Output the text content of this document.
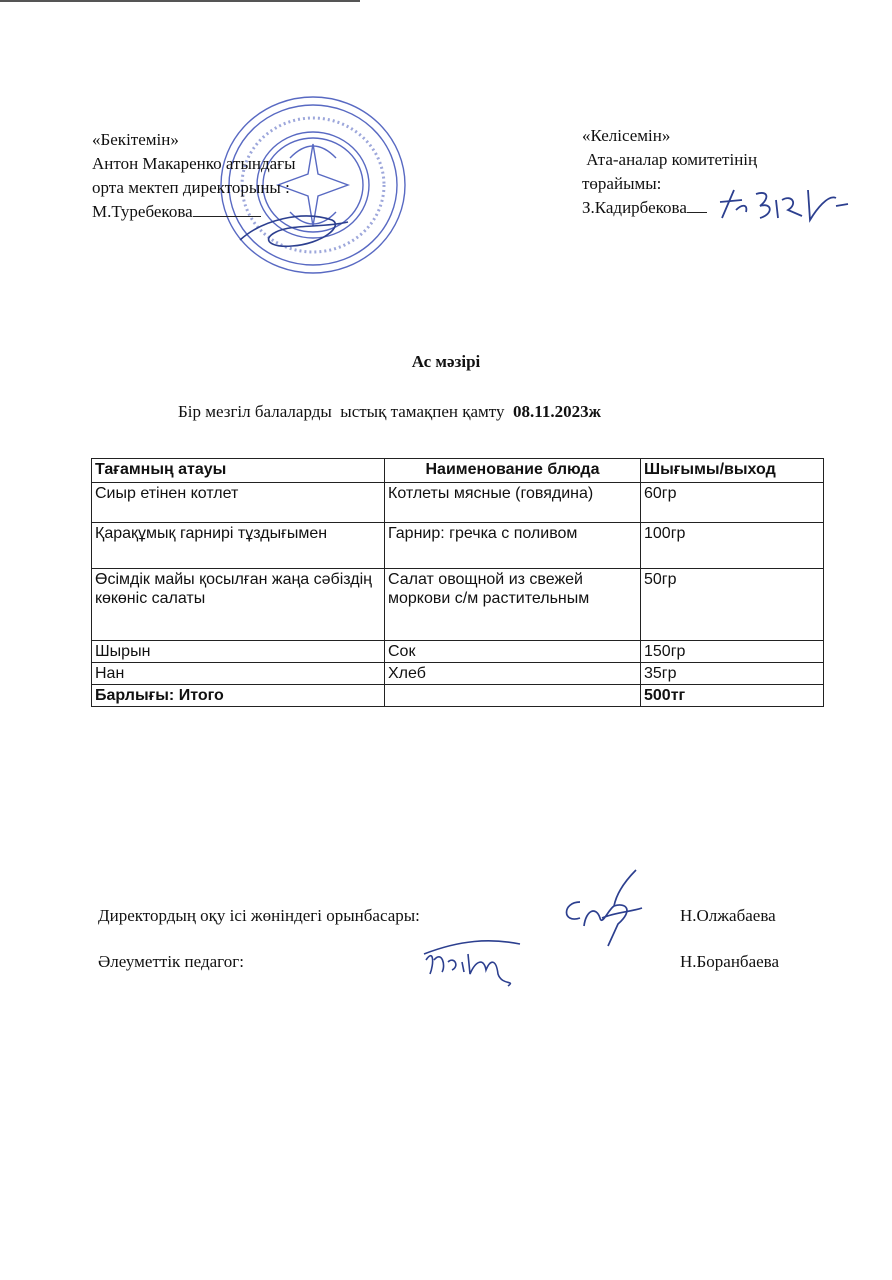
«Бекітемін»
Антон Макаренко атындағы
орта мектеп директорыны :
М.Туребекова
«Келісемін»
Ата-аналар комитетінің
төрайымы:
З.Кадирбекова
Ас мәзірі
Бір мезгіл балаларды  ыстық тамақпен қамту  08.11.2023ж
Тағамның атауы	Наименование блюда	Шығымы/выход
Сиыр етінен котлет	Котлеты мясные (говядина)	60гр
Қарақұмық гарнирі тұздығымен	Гарнир: гречка с поливом	100гр
Өсімдік майы қосылған жаңа сәбіздің көкөніс салаты	Салат овощной из свежей моркови с/м растительным	50гр
Шырын	Сок	150гр
Нан	Хлеб	35гр
Барлығы: Итого		500тг
Директордың оқу ісі жөніндегі орынбасары:	Н.Олжабаева
Әлеуметтік педагог:	Н.Боранбаева
